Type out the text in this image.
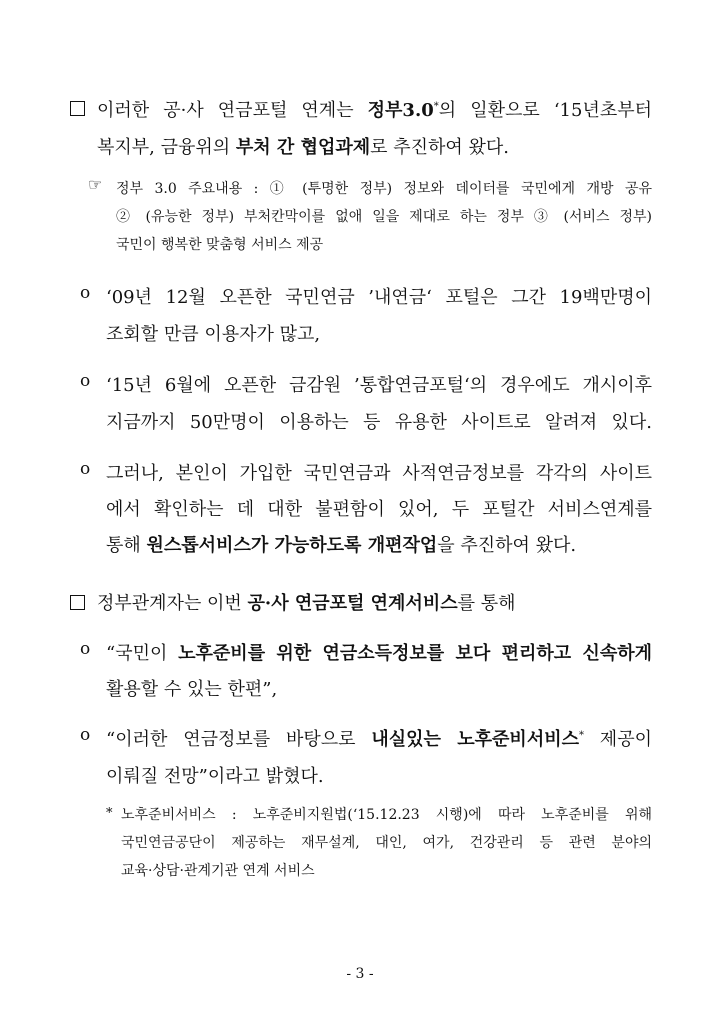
이러한 공·사 연금포털 연계는 정부3.0*의 일환으로 ‘15년초부터

복지부, 금융위의 부처 간 협업과제로 추진하여 왔다.

☞ 정부 3.0 주요내용 : ① (투명한 정부) 정보와 데이터를 국민에게 개방 공유

② (유능한 정부) 부처칸막이를 없애 일을 제대로 하는 정부 ③ (서비스 정부)

국민이 행복한 맞춤형 서비스 제공

o ‘09년 12월 오픈한 국민연금 ’내연금‘ 포털은 그간 19백만명이

조회할 만큼 이용자가 많고,

o ‘15년 6월에 오픈한 금감원 ’통합연금포털‘의 경우에도 개시이후

지금까지 50만명이 이용하는 등 유용한 사이트로 알려져 있다.

o 그러나, 본인이 가입한 국민연금과 사적연금정보를 각각의 사이트

에서 확인하는 데 대한 불편함이 있어, 두 포털간 서비스연계를

통해 원스톱서비스가 가능하도록 개편작업을 추진하여 왔다.

정부관계자는 이번 공·사 연금포털 연계서비스를 통해

o “국민이 노후준비를 위한 연금소득정보를 보다 편리하고 신속하게

활용할 수 있는 한편”,

o “이러한 연금정보를 바탕으로 내실있는 노후준비서비스* 제공이

이뤄질 전망”이라고 밝혔다.

* 노후준비서비스 : 노후준비지원법(‘15.12.23 시행)에 따라 노후준비를 위해

국민연금공단이 제공하는 재무설계, 대인, 여가, 건강관리 등 관련 분야의

교육·상담·관계기관 연계 서비스

- 3 -
